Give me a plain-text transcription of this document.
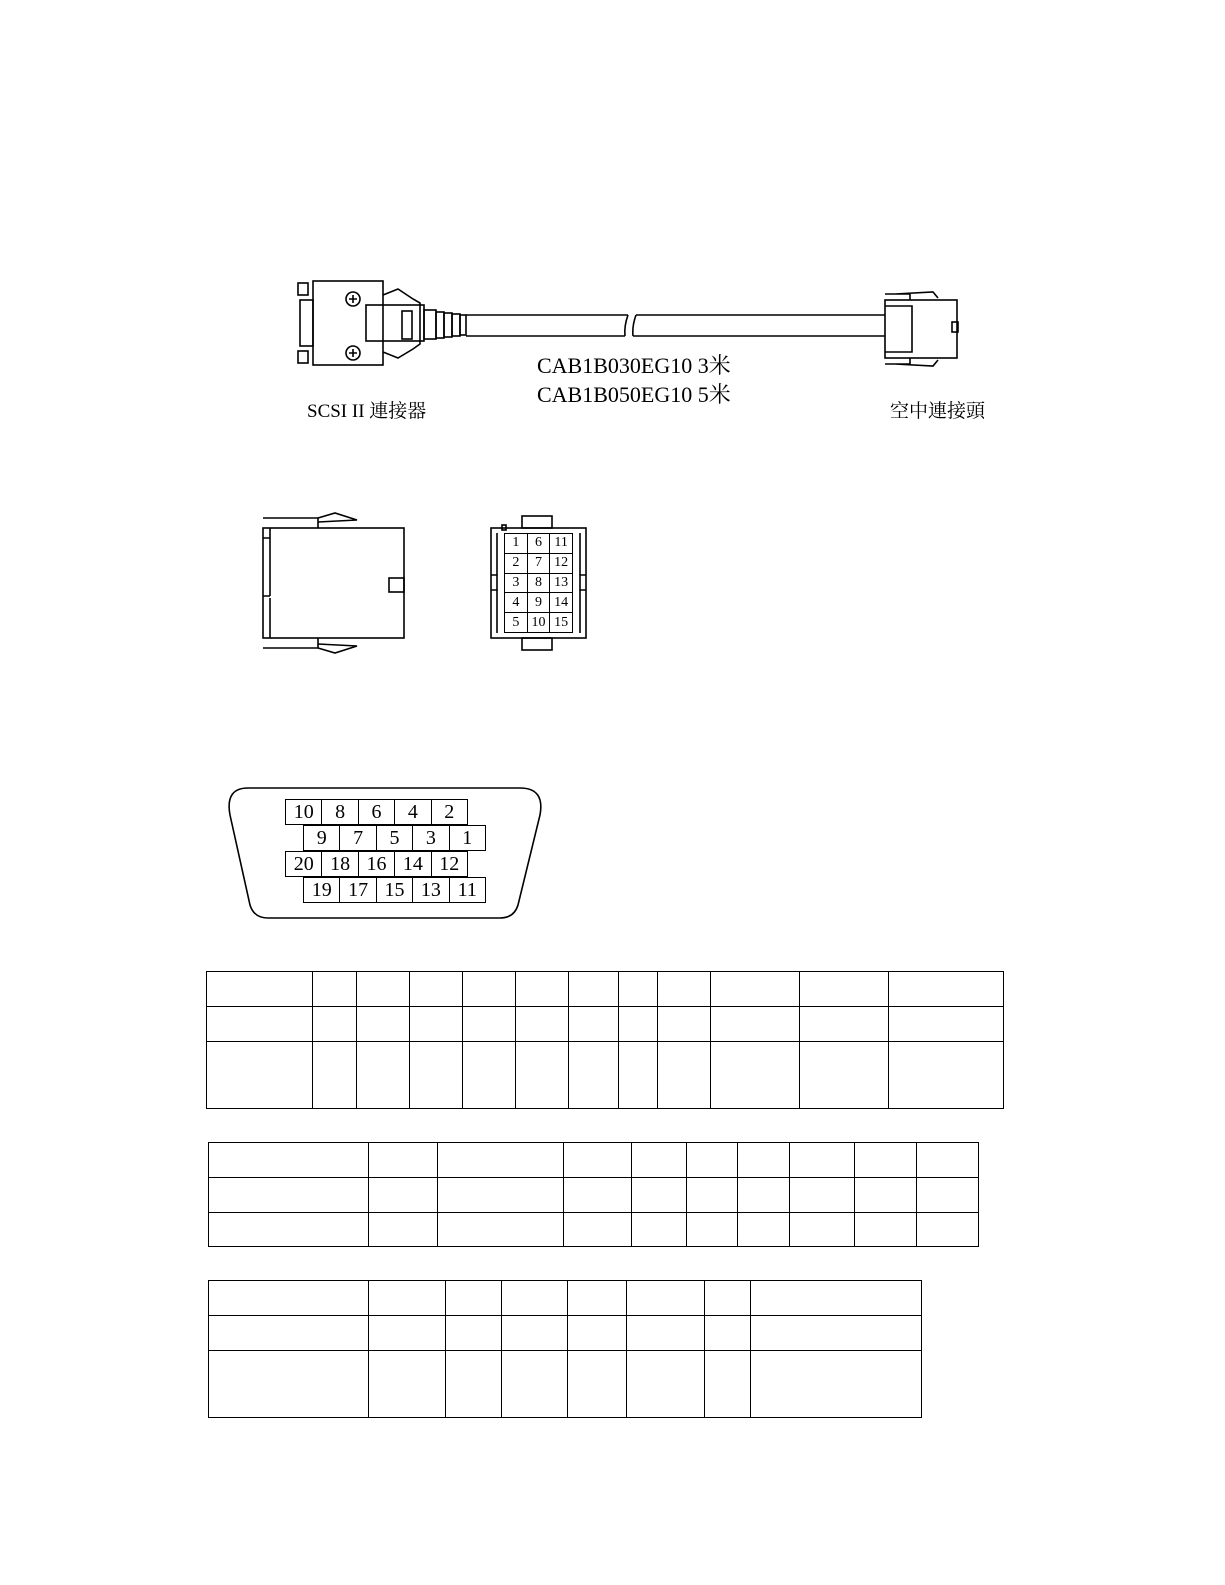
CAB1B030EG10 3米
CAB1B050EG10 5米
SCSI II 連接器	空中連接頭
1	6	11
2	7	12
3	8	13
4	9	14
5	10	15
10	8	6	4	2
9	7	5	3	1
20	18	16	14	12
19	17	15	13	11
